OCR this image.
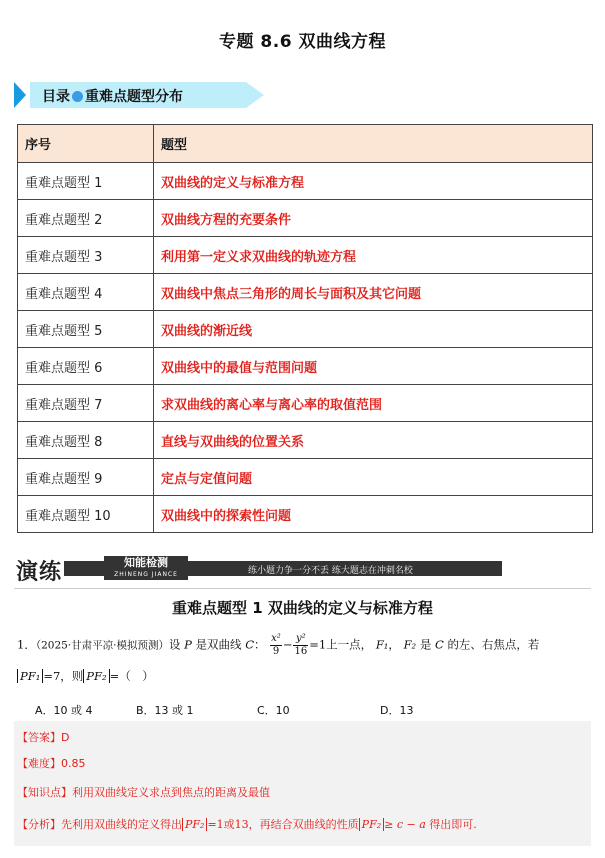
专题 8.6 双曲线方程
目录 重难点题型分布
序号	题型
重难点题型 1	双曲线的定义与标准方程
重难点题型 2	双曲线方程的充要条件
重难点题型 3	利用第一定义求双曲线的轨迹方程
重难点题型 4	双曲线中焦点三角形的周长与面积及其它问题
重难点题型 5	双曲线的渐近线
重难点题型 6	双曲线中的最值与范围问题
重难点题型 7	求双曲线的离心率与离心率的取值范围
重难点题型 8	直线与双曲线的位置关系
重难点题型 9	定点与定值问题
重难点题型 10	双曲线中的探索性问题
演练	知能检测
ZHINENG JIANCE	练小题力争一分不丢 练大题志在冲刺名校
重难点题型 1 双曲线的定义与标准方程
1．（2025·甘肃平凉·模拟预测）设 P 是双曲线 C： $\frac{\text{x²}}{9} - \frac{\text{y²}}{16} =1$上一点， F₁， F₂ 是 C 的左、右焦点，若
PF₁ =7，则 PF₂ =（　）
A．10 或 4	B．13 或 1	C．10	D．13
【答案】D
【难度】0.85
【知识点】利用双曲线定义求点到焦点的距离及最值
【分析】先利用双曲线的定义得出 PF₂ =1或13，再结合双曲线的性质 PF₂ ≥ c − a 得出即可.
